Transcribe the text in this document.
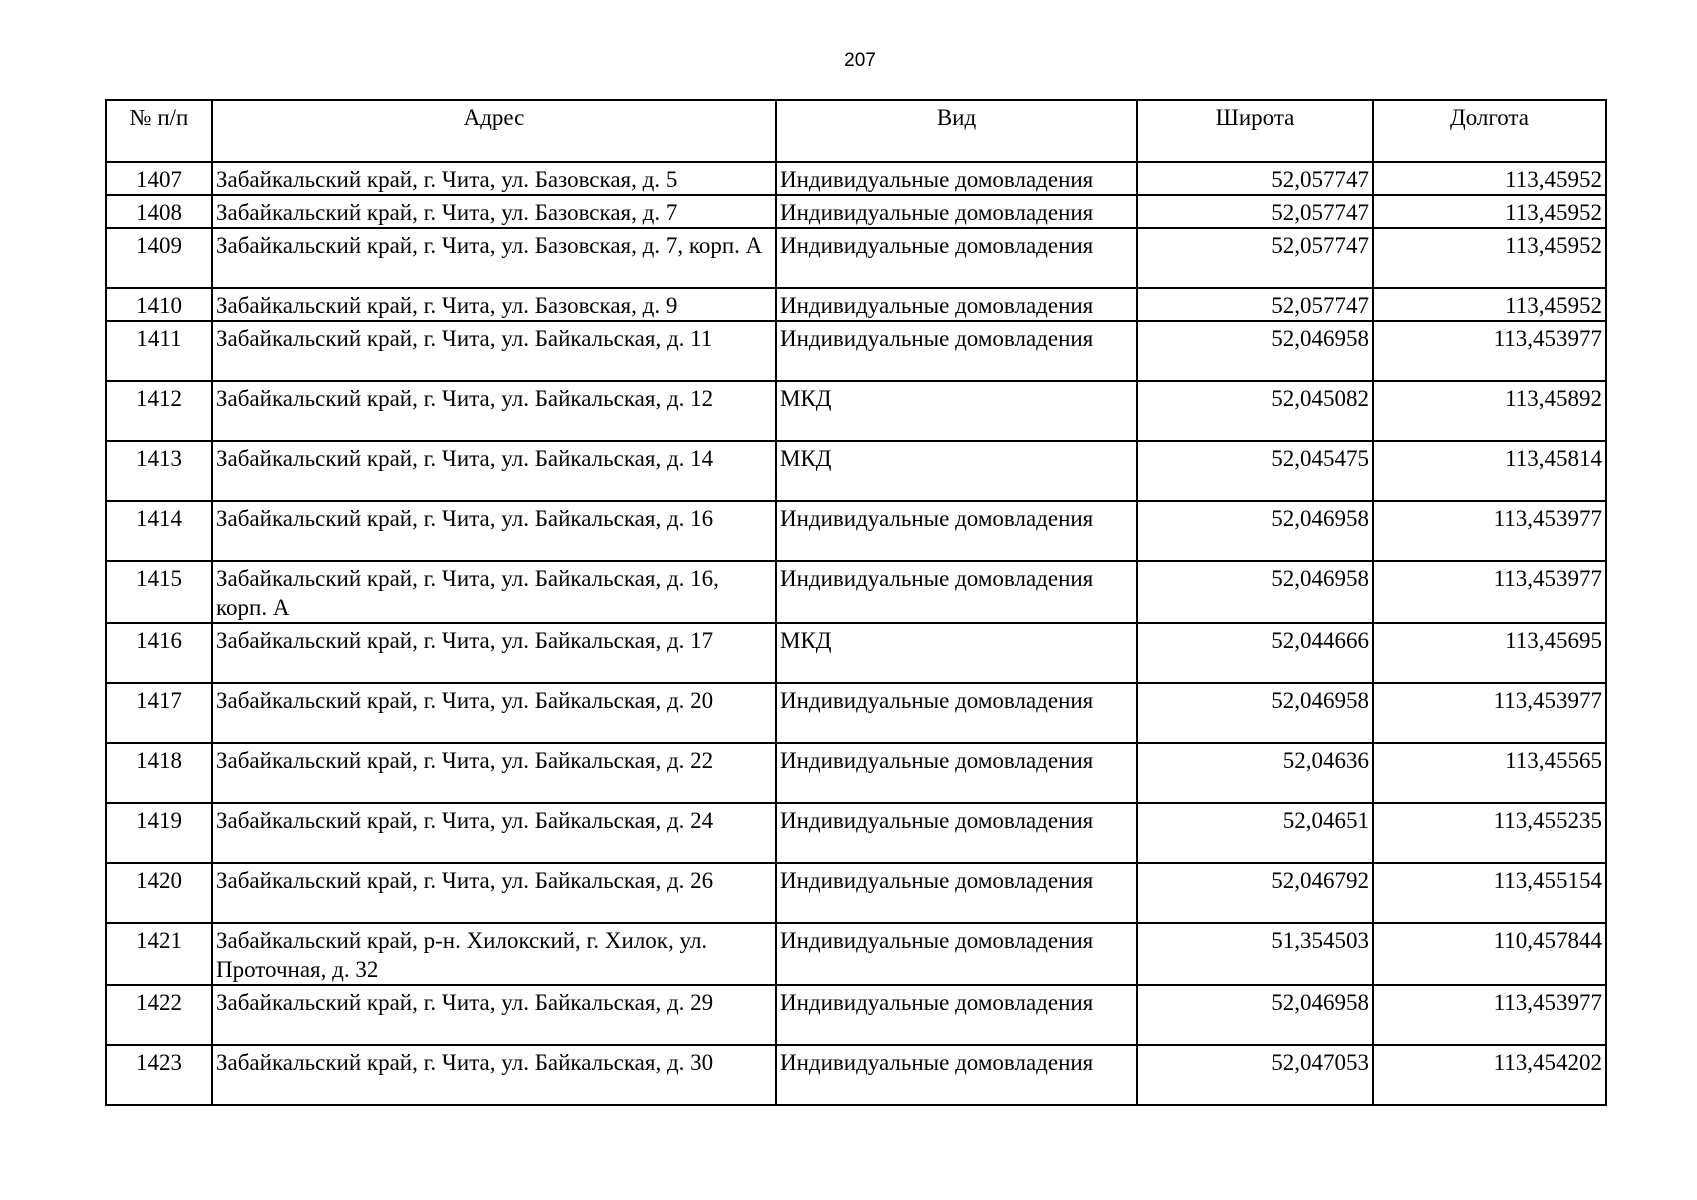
207
№ п/п	Адрес	Вид	Широта	Долгота
1407	Забайкальский край, г. Чита, ул. Базовская, д. 5	Индивидуальные домовладения	52,057747	113,45952
1408	Забайкальский край, г. Чита, ул. Базовская, д. 7	Индивидуальные домовладения	52,057747	113,45952
1409	Забайкальский край, г. Чита, ул. Базовская, д. 7, корп. А	Индивидуальные домовладения	52,057747	113,45952
1410	Забайкальский край, г. Чита, ул. Базовская, д. 9	Индивидуальные домовладения	52,057747	113,45952
1411	Забайкальский край, г. Чита, ул. Байкальская, д. 11	Индивидуальные домовладения	52,046958	113,453977
1412	Забайкальский край, г. Чита, ул. Байкальская, д. 12	МКД	52,045082	113,45892
1413	Забайкальский край, г. Чита, ул. Байкальская, д. 14	МКД	52,045475	113,45814
1414	Забайкальский край, г. Чита, ул. Байкальская, д. 16	Индивидуальные домовладения	52,046958	113,453977
1415	Забайкальский край, г. Чита, ул. Байкальская, д. 16, корп. А	Индивидуальные домовладения	52,046958	113,453977
1416	Забайкальский край, г. Чита, ул. Байкальская, д. 17	МКД	52,044666	113,45695
1417	Забайкальский край, г. Чита, ул. Байкальская, д. 20	Индивидуальные домовладения	52,046958	113,453977
1418	Забайкальский край, г. Чита, ул. Байкальская, д. 22	Индивидуальные домовладения	52,04636	113,45565
1419	Забайкальский край, г. Чита, ул. Байкальская, д. 24	Индивидуальные домовладения	52,04651	113,455235
1420	Забайкальский край, г. Чита, ул. Байкальская, д. 26	Индивидуальные домовладения	52,046792	113,455154
1421	Забайкальский край, р-н. Хилокский, г. Хилок, ул. Проточная, д. 32	Индивидуальные домовладения	51,354503	110,457844
1422	Забайкальский край, г. Чита, ул. Байкальская, д. 29	Индивидуальные домовладения	52,046958	113,453977
1423	Забайкальский край, г. Чита, ул. Байкальская, д. 30	Индивидуальные домовладения	52,047053	113,454202
